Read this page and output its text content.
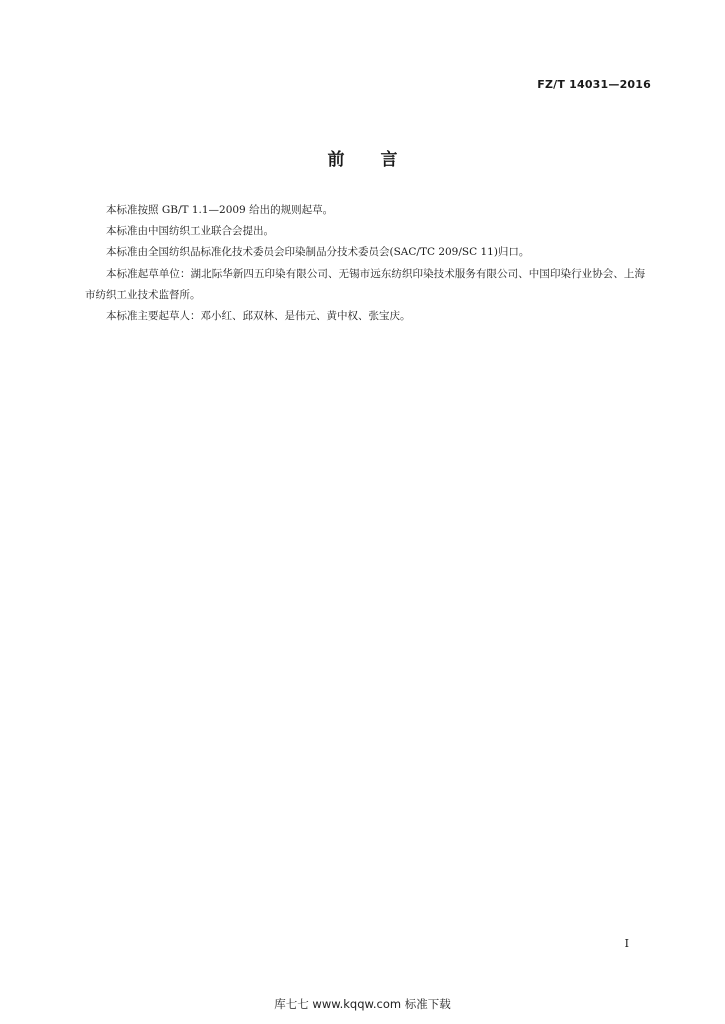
FZ/T 14031—2016
前言

本标准按照 GB/T 1.1—2009 给出的规则起草。

本标准由中国纺织工业联合会提出。

本标准由全国纺织品标准化技术委员会印染制品分技术委员会(SAC/TC 209/SC 11)归口。

本标准起草单位：湖北际华新四五印染有限公司、无锡市远东纺织印染技术服务有限公司、中国印染行业协会、上海市纺织工业技术监督所。

本标准主要起草人：邓小红、邱双林、是伟元、黄中权、张宝庆。

I
库七七 www.kqqw.com 标准下载
